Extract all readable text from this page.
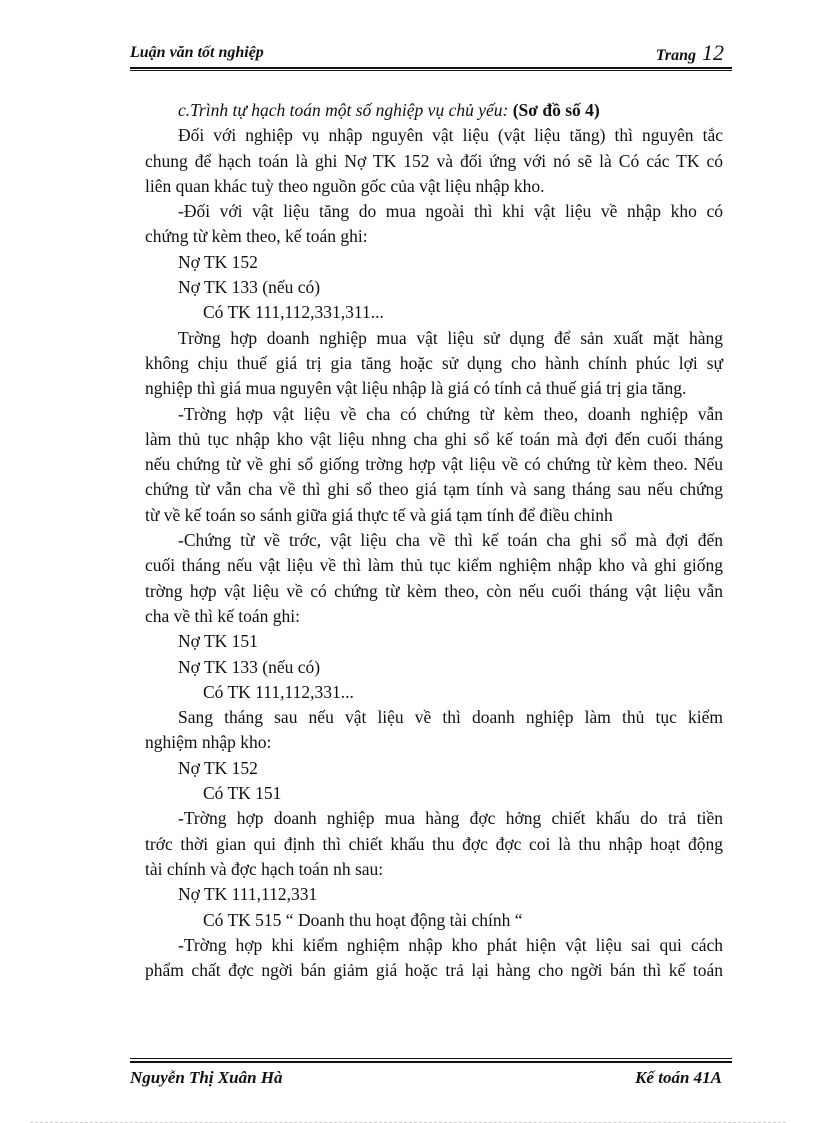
Luận văn tốt nghiệp	Trang 12

c.Trình tự hạch toán một số nghiệp vụ chủ yếu: (Sơ đồ số 4)

Đối với nghiệp vụ nhập nguyên vật liệu (vật liệu tăng) thì nguyên tắc

chung để hạch toán là ghi Nợ TK 152 và đối ứng với nó sẽ là Có các TK có

liên quan khác tuỳ theo nguồn gốc của vật liệu nhập kho.

-Đối với vật liệu tăng do mua ngoài thì khi vật liệu về nhập kho có

chứng từ kèm theo, kế toán ghi:

Nợ TK 152

Nợ TK 133 (nếu có)

Có TK 111,112,331,311...

Trờng hợp doanh nghiệp mua vật liệu sử dụng để sản xuất mặt hàng

không chịu thuế giá trị gia tăng hoặc sử dụng cho hành chính phúc lợi sự

nghiệp thì giá mua nguyên vật liệu nhập là giá có tính cả thuế giá trị gia tăng.

-Trờng hợp vật liệu về cha có chứng từ kèm theo, doanh nghiệp vẫn

làm thủ tục nhập kho vật liệu nhng cha ghi sổ kế toán mà đợi đến cuối tháng

nếu chứng từ về ghi sổ giống trờng hợp vật liệu về có chứng từ kèm theo. Nếu

chứng từ vẫn cha về thì ghi sổ theo giá tạm tính và sang tháng sau nếu chứng

từ về kế toán so sánh giữa giá thực tế và giá tạm tính để điều chỉnh

-Chứng từ về trớc, vật liệu cha về thì kế toán cha ghi sổ mà đợi đến

cuối tháng nếu vật liệu về thì làm thủ tục kiểm nghiệm nhập kho và ghi giống

trờng hợp vật liệu về có chứng từ kèm theo, còn nếu cuối tháng vật liệu vẫn

cha về thì kế toán ghi:

Nợ TK 151

Nợ TK 133 (nếu có)

Có TK 111,112,331...

Sang tháng sau nếu vật liệu về thì doanh nghiệp làm thủ tục kiểm

nghiệm nhập kho:

Nợ TK 152

Có TK 151

-Trờng hợp doanh nghiệp mua hàng đợc hởng chiết khấu do trả tiền

trớc thời gian qui định thì chiết khấu thu đợc đợc coi là thu nhập hoạt động

tài chính và đợc hạch toán nh sau:

Nợ TK 111,112,331

Có TK 515 “ Doanh thu hoạt động tài chính “

-Trờng hợp khi kiểm nghiệm nhập kho phát hiện vật liệu sai qui cách

phẩm chất đợc ngời bán giảm giá hoặc trả lại hàng cho ngời bán thì kế toán

Nguyễn Thị Xuân Hà	Kế toán 41A
